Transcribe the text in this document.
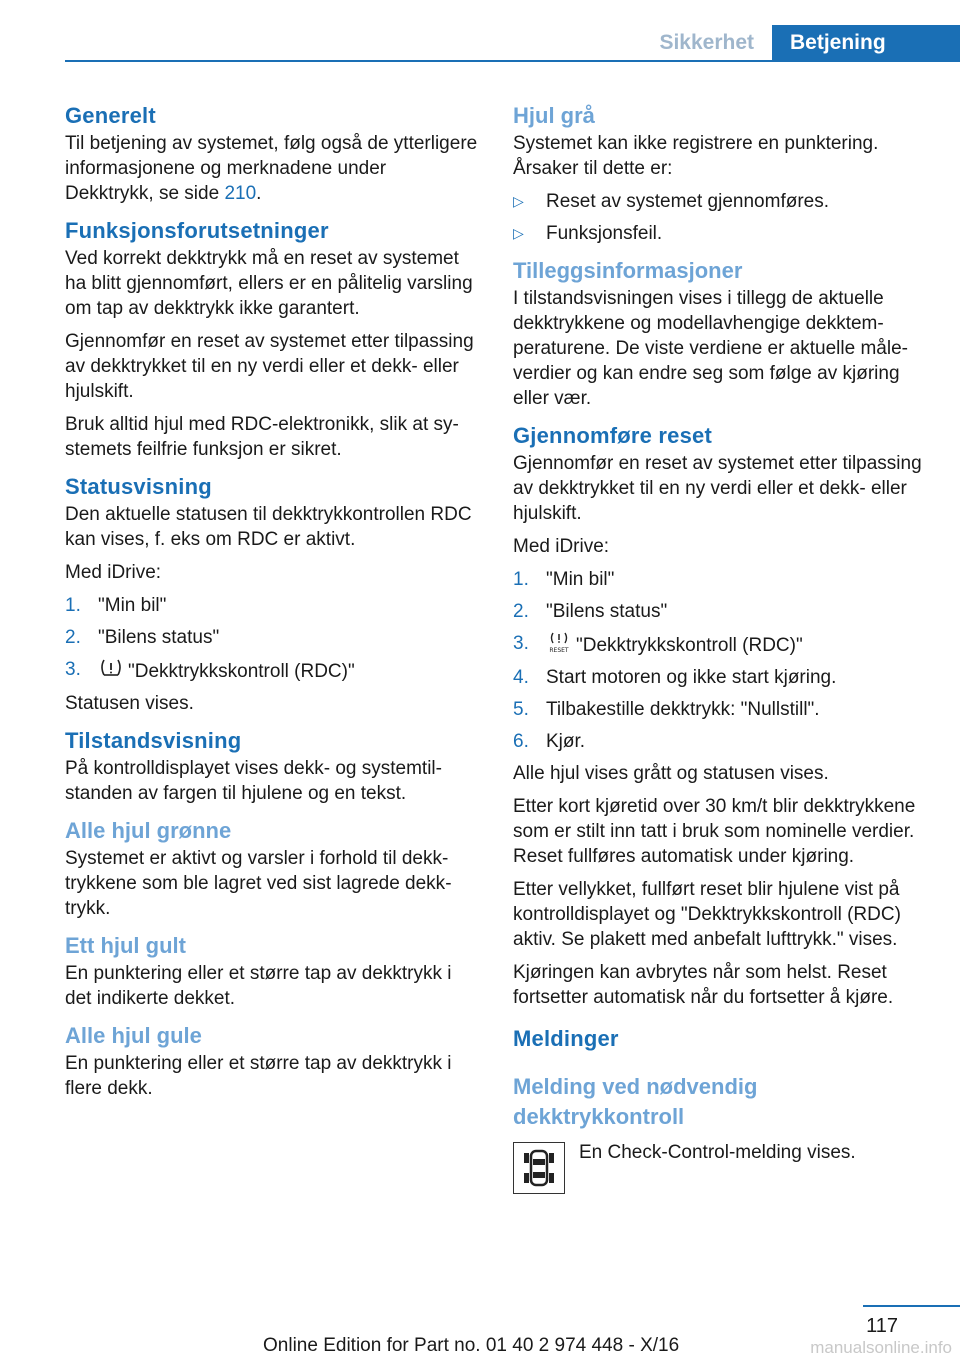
Sikkerhet	Betjening
Generelt

Til betjening av systemet, følg også de ytterligere informasjonene og merknadene under Dekktrykk, se side 210.

Funksjonsforutsetninger

Ved korrekt dekktrykk må en reset av systemet ha blitt gjennomført, ellers er en pålitelig varsling om tap av dekktrykk ikke garantert.

Gjennomfør en reset av systemet etter tilpassing av dekktrykket til en ny verdi eller et dekk- eller hjulskift.

Bruk alltid hjul med RDC-elektronikk, slik at systemets feilfrie funksjon er sikret.

Statusvisning

Den aktuelle statusen til dekktrykkontrollen RDC kan vises, f. eks om RDC er aktivt.

Med iDrive:

1. "Min bil"
2. "Bilens status"
3.	"Dekktrykkskontroll (RDC)"

Statusen vises.

Tilstandsvisning

På kontrolldisplayet vises dekk- og systemtilstanden av fargen til hjulene og en tekst.

Alle hjul grønne

Systemet er aktivt og varsler i forhold til dekktrykkene som ble lagret ved sist lagrede dekktrykk.

Ett hjul gult

En punktering eller et større tap av dekktrykk i det indikerte dekket.

Alle hjul gule

En punktering eller et større tap av dekktrykk i flere dekk.

Hjul grå

Systemet kan ikke registrere en punktering. Årsaker til dette er:

▷	Reset av systemet gjennomføres.
▷	Funksjonsfeil.
Tilleggsinformasjoner

I tilstandsvisningen vises i tillegg de aktuelle dekktrykkene og modellavhengige dekktemperaturene. De viste verdiene er aktuelle måleverdier og kan endre seg som følge av kjøring eller vær.

Gjennomføre reset

Gjennomfør en reset av systemet etter tilpassing av dekktrykket til en ny verdi eller et dekk- eller hjulskift.

Med iDrive:

1. "Min bil"
2. "Bilens status"
3.	RESET "Dekktrykkskontroll (RDC)"
4. Start motoren og ikke start kjøring.
5. Tilbakestille dekktrykk: "Nullstill".
6. Kjør.

Alle hjul vises grått og statusen vises.

Etter kort kjøretid over 30 km/t blir dekktrykkene som er stilt inn tatt i bruk som nominelle verdier. Reset fullføres automatisk under kjøring.

Etter vellykket, fullført reset blir hjulene vist på kontrolldisplayet og "Dekktrykkskontroll (RDC) aktiv. Se plakett med anbefalt lufttrykk." vises.

Kjøringen kan avbrytes når som helst. Reset fortsetter automatisk når du fortsetter å kjøre.

Meldinger
Melding ved nødvendig dekktrykkontroll

En Check-Control-melding vises.

117
Online Edition for Part no. 01 40 2 974 448 - X/16	manualsonline.info
